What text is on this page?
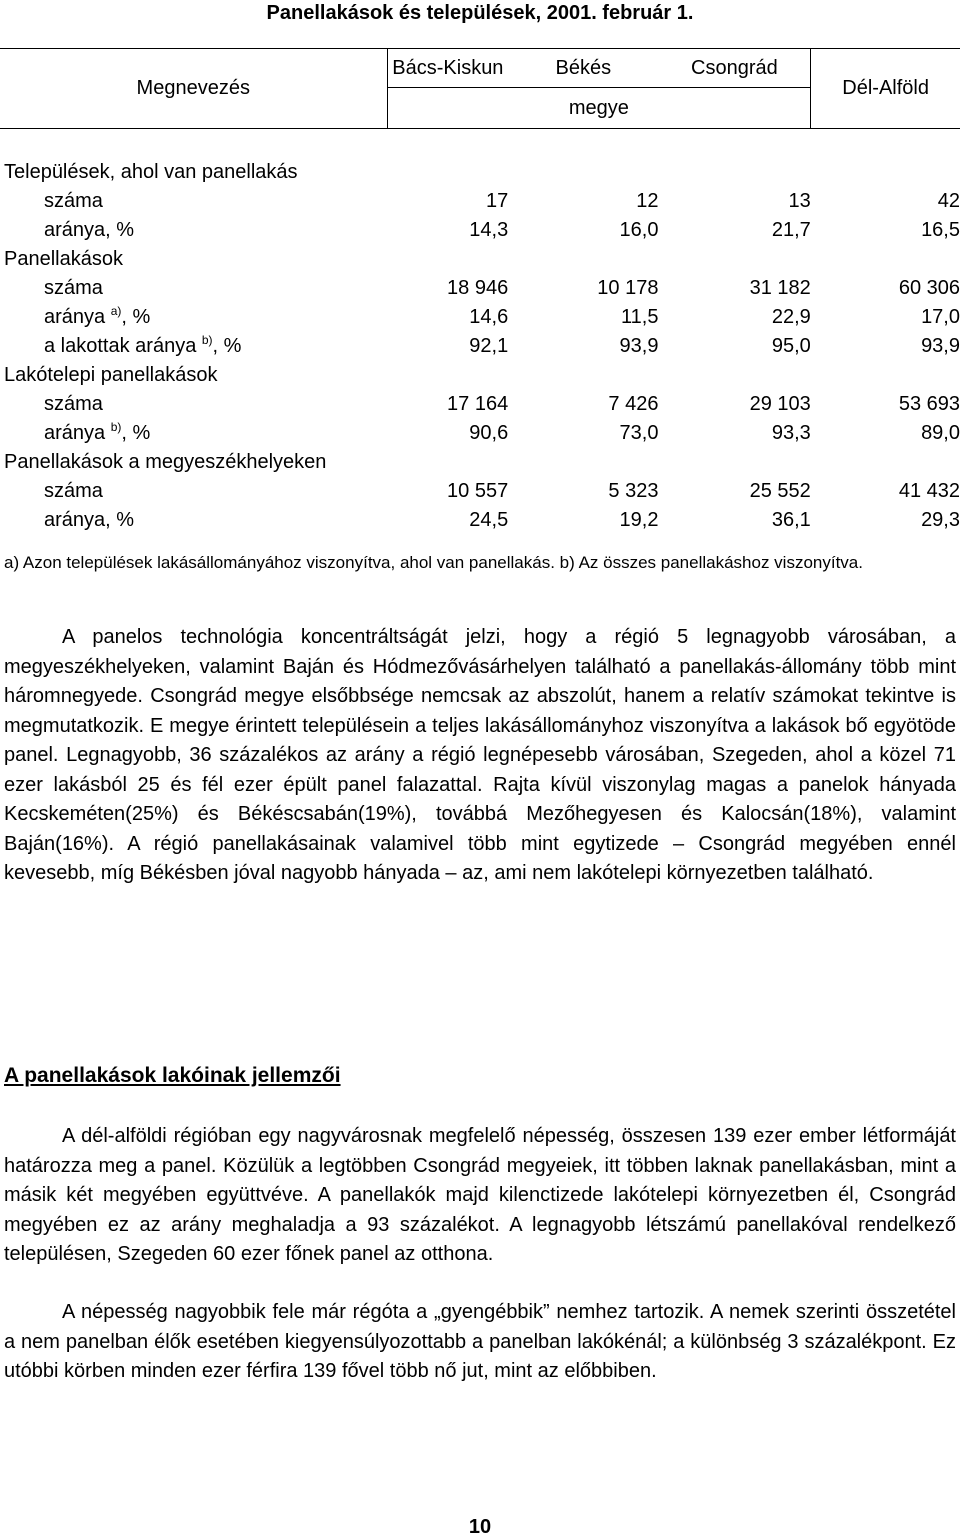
Panellakások és települések, 2001. február 1.
Megnevezés	Bács-Kiskun	Békés	Csongrád	Dél-Alföld
	megye			

Települések, ahol van panellakás				
száma	17	12	13	42
aránya, %	14,3	16,0	21,7	16,5
Panellakások				
száma	18 946	10 178	31 182	60 306
aránya $^{a)}$, %	14,6	11,5	22,9	17,0
a lakottak aránya $^{b)}$, %	92,1	93,9	95,0	93,9
Lakótelepi panellakások				
száma	17 164	7 426	29 103	53 693
aránya $^{b)}$, %	90,6	73,0	93,3	89,0
Panellakások a megyeszékhelyeken				
száma	10 557	5 323	25 552	41 432
aránya, %	24,5	19,2	36,1	29,3
a) Azon települések lakásállományához viszonyítva, ahol van panellakás. b) Az összes panellakáshoz viszonyítva.

A panelos technológia koncentráltságát jelzi, hogy a régió 5 legnagyobb városában, a megyeszékhelyeken, valamint Baján és Hódmezővásárhelyen található a panellakás-állomány több mint háromnegyede. Csongrád megye elsőbbsége nemcsak az abszolút, hanem a relatív számokat tekintve is megmutatkozik. E megye érintett településein a teljes lakásállományhoz viszonyítva a lakások bő egyötöde panel. Legnagyobb, 36 százalékos az arány a régió legnépesebb városában, Szegeden, ahol a közel 71 ezer lakásból 25 és fél ezer épült panel falazattal. Rajta kívül viszonylag magas a panelok hányada Kecskeméten(25%) és Békéscsabán(19%), továbbá Mezőhegyesen és Kalocsán(18%), valamint Baján(16%). A régió panellakásainak valamivel több mint egytizede – Csongrád megyében ennél kevesebb, míg Békésben jóval nagyobb hányada – az, ami nem lakótelepi környezetben található.

A panellakások lakóinak jellemzői

A dél-alföldi régióban egy nagyvárosnak megfelelő népesség, összesen 139 ezer ember létformáját határozza meg a panel. Közülük a legtöbben Csongrád megyeiek, itt többen laknak panellakásban, mint a másik két megyében együttvéve. A panellakók majd kilenctizede lakótelepi környezetben él, Csongrád megyében ez az arány meghaladja a 93 százalékot. A legnagyobb létszámú panellakóval rendelkező településen, Szegeden 60 ezer főnek panel az otthona.

A népesség nagyobbik fele már régóta a „gyengébbik” nemhez tartozik. A nemek szerinti összetétel a nem panelban élők esetében kiegyensúlyozottabb a panelban lakókénál; a különbség 3 százalékpont. Ez utóbbi körben minden ezer férfira 139 fővel több nő jut, mint az előbbiben.

10
